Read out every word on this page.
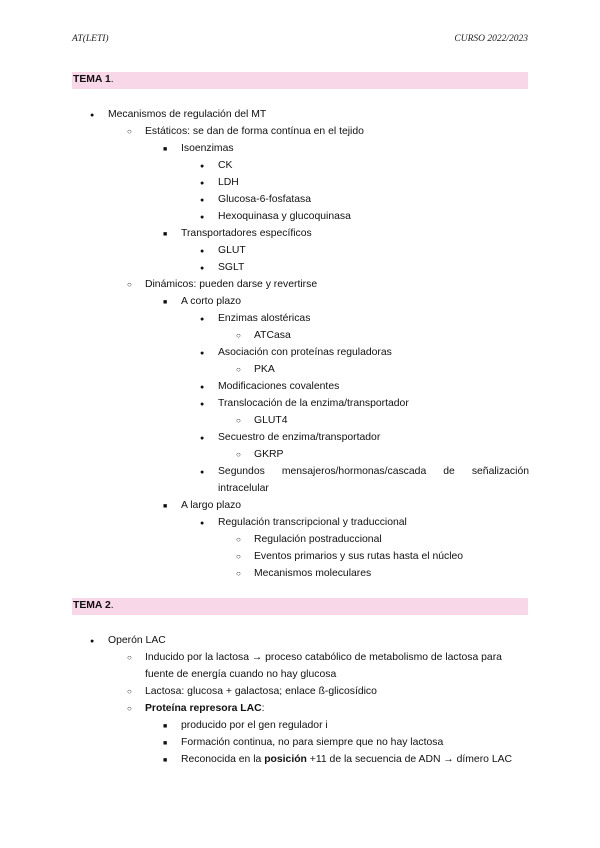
AT(LETI)	CURSO 2022/2023
TEMA 1.
●
Mecanismos de regulación del MT
○
Estáticos: se dan de forma contínua en el tejido
■
Isoenzimas
●
CK
●
LDH
●
Glucosa-6-fosfatasa
●
Hexoquinasa y glucoquinasa
■
Transportadores específicos
●
GLUT
●
SGLT
○
Dinámicos: pueden darse y revertirse
■
A corto plazo
●
Enzimas alostéricas
○
ATCasa
●
Asociación con proteínas reguladoras
○
PKA
●
Modificaciones covalentes
●
Translocación de la enzima/transportador
○
GLUT4
●
Secuestro de enzima/transportador
○
GKRP
●
Segundos mensajeros/hormonas/cascada de señalización
intracelular
■
A largo plazo
●
Regulación transcripcional y traduccional
○
Regulación postraduccional
○
Eventos primarios y sus rutas hasta el núcleo
○
Mecanismos moleculares
TEMA 2.
●
Operón LAC
○
Inducido por la lactosa → proceso catabólico de metabolismo de lactosa para
fuente de energía cuando no hay glucosa
○
Lactosa: glucosa + galactosa; enlace ß-glicosídico
○
Proteína represora LAC:
■
producido por el gen regulador i
■
Formación continua, no para siempre que no hay lactosa
■
Reconocida en la posición +11 de la secuencia de ADN → dímero LAC
